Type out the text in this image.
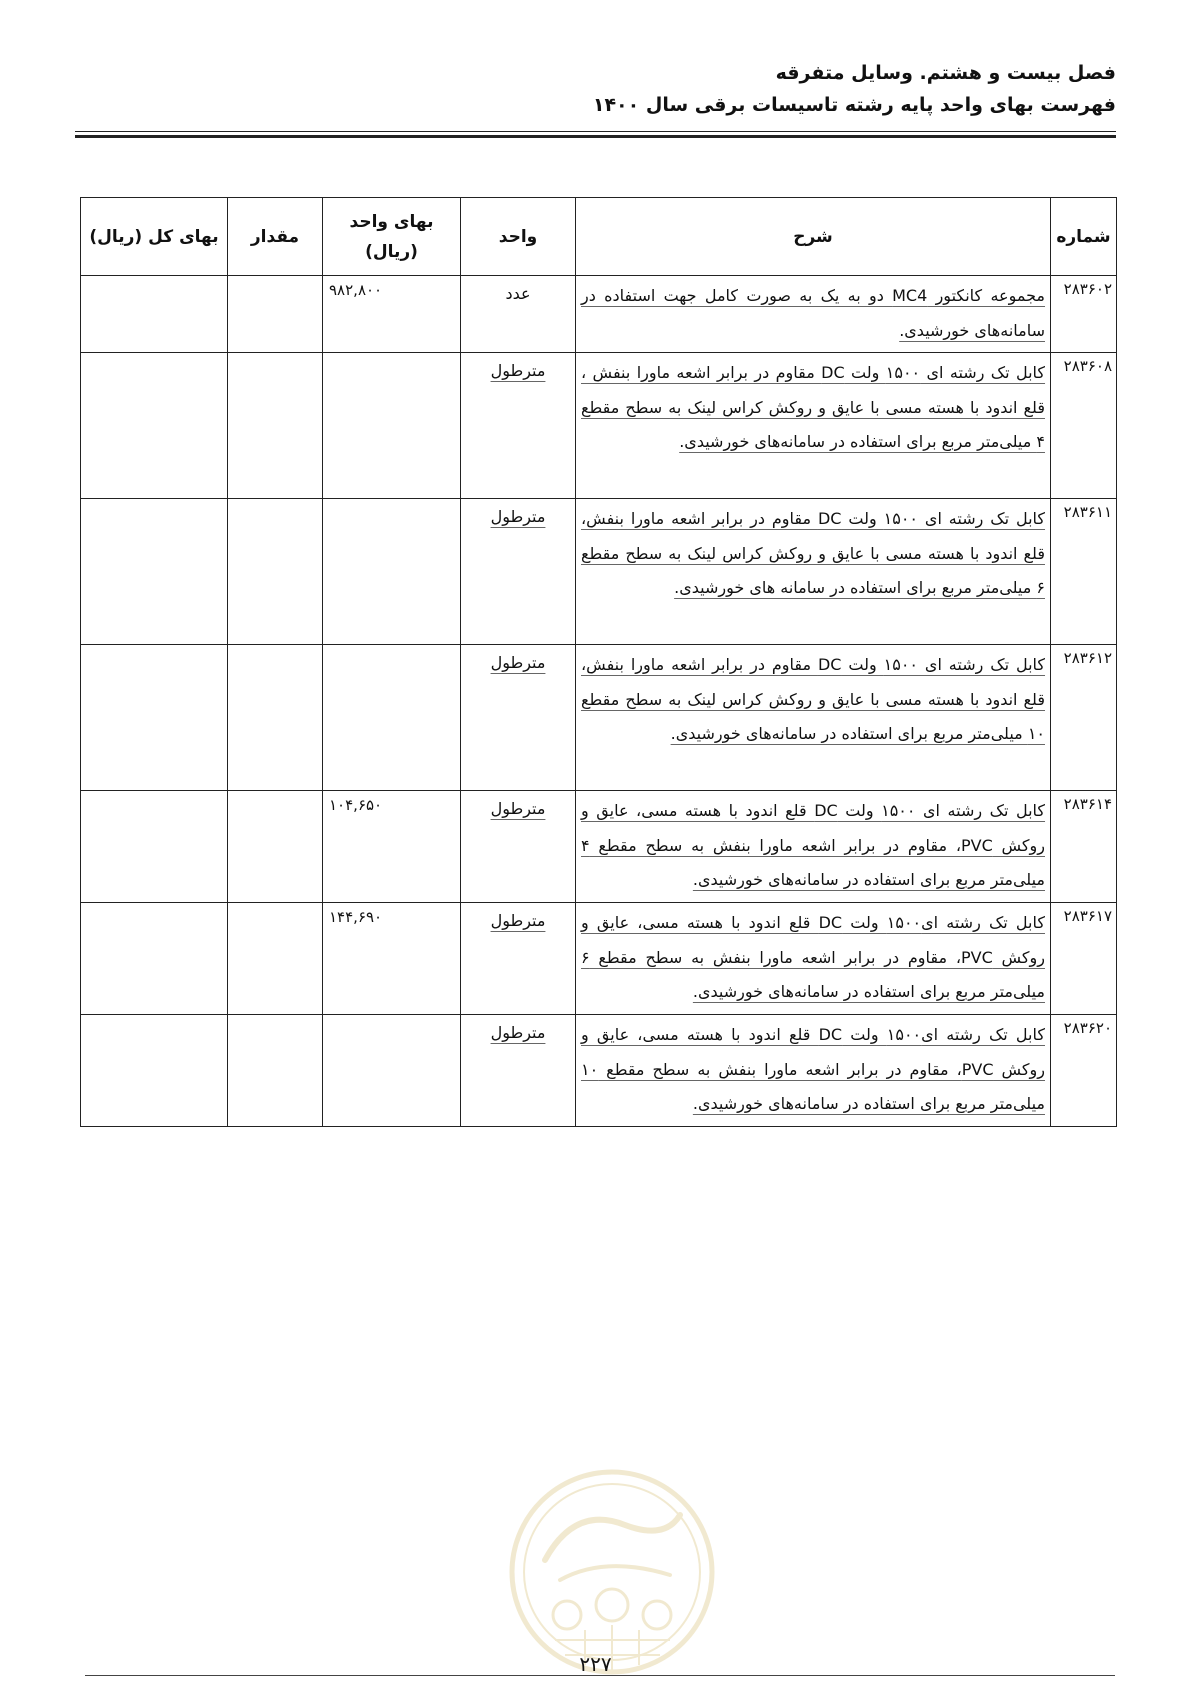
فصل بیست و هشتم. وسایل متفرقه
فهرست بهای واحد پایه رشته تاسیسات برقی سال ۱۴۰۰
شماره	شرح	واحد	بهای واحد (ریال)	مقدار	بهای کل (ریال)
۲۸۳۶۰۲	مجموعه کانکتور MC4 دو به یک به صورت کامل جهت استفاده در سامانه‌های خورشیدی.	عدد	۹۸۲,۸۰۰		
۲۸۳۶۰۸	کابل تک رشته ای ۱۵۰۰ ولت DC مقاوم در برابر اشعه ماورا بنفش ، قلع اندود با هسته مسی با عایق و روکش کراس لینک به سطح مقطع ۴ میلی‌متر مربع برای استفاده در سامانه‌های خورشیدی.	مترطول			
۲۸۳۶۱۱	کابل تک رشته ای ۱۵۰۰ ولت DC مقاوم در برابر اشعه ماورا بنفش، قلع اندود با هسته مسی با عایق و روکش کراس لینک به سطح مقطع ۶ میلی‌متر مربع برای استفاده در سامانه های خورشیدی.	مترطول			
۲۸۳۶۱۲	کابل تک رشته ای ۱۵۰۰ ولت DC مقاوم در برابر اشعه ماورا بنفش، قلع اندود با هسته مسی با عایق و روکش کراس لینک به سطح مقطع ۱۰ میلی‌متر مربع برای استفاده در سامانه‌های خورشیدی.	مترطول			
۲۸۳۶۱۴	کابل تک رشته ای ۱۵۰۰ ولت DC قلع اندود با هسته مسی، عایق و روکش PVC، مقاوم در برابر اشعه ماورا بنفش به سطح مقطع ۴ میلی‌متر مربع برای استفاده در سامانه‌های خورشیدی.	مترطول	۱۰۴,۶۵۰		
۲۸۳۶۱۷	کابل تک رشته ای۱۵۰۰ ولت DC قلع اندود با هسته مسی، عایق و روکش PVC، مقاوم در برابر اشعه ماورا بنفش به سطح مقطع ۶ میلی‌متر مربع برای استفاده در سامانه‌های خورشیدی.	مترطول	۱۴۴,۶۹۰		
۲۸۳۶۲۰	کابل تک رشته ای۱۵۰۰ ولت DC قلع اندود با هسته مسی، عایق و روکش PVC، مقاوم در برابر اشعه ماورا بنفش به سطح مقطع ۱۰ میلی‌متر مربع برای استفاده در سامانه‌های خورشیدی.	مترطول			
۲۲۷
